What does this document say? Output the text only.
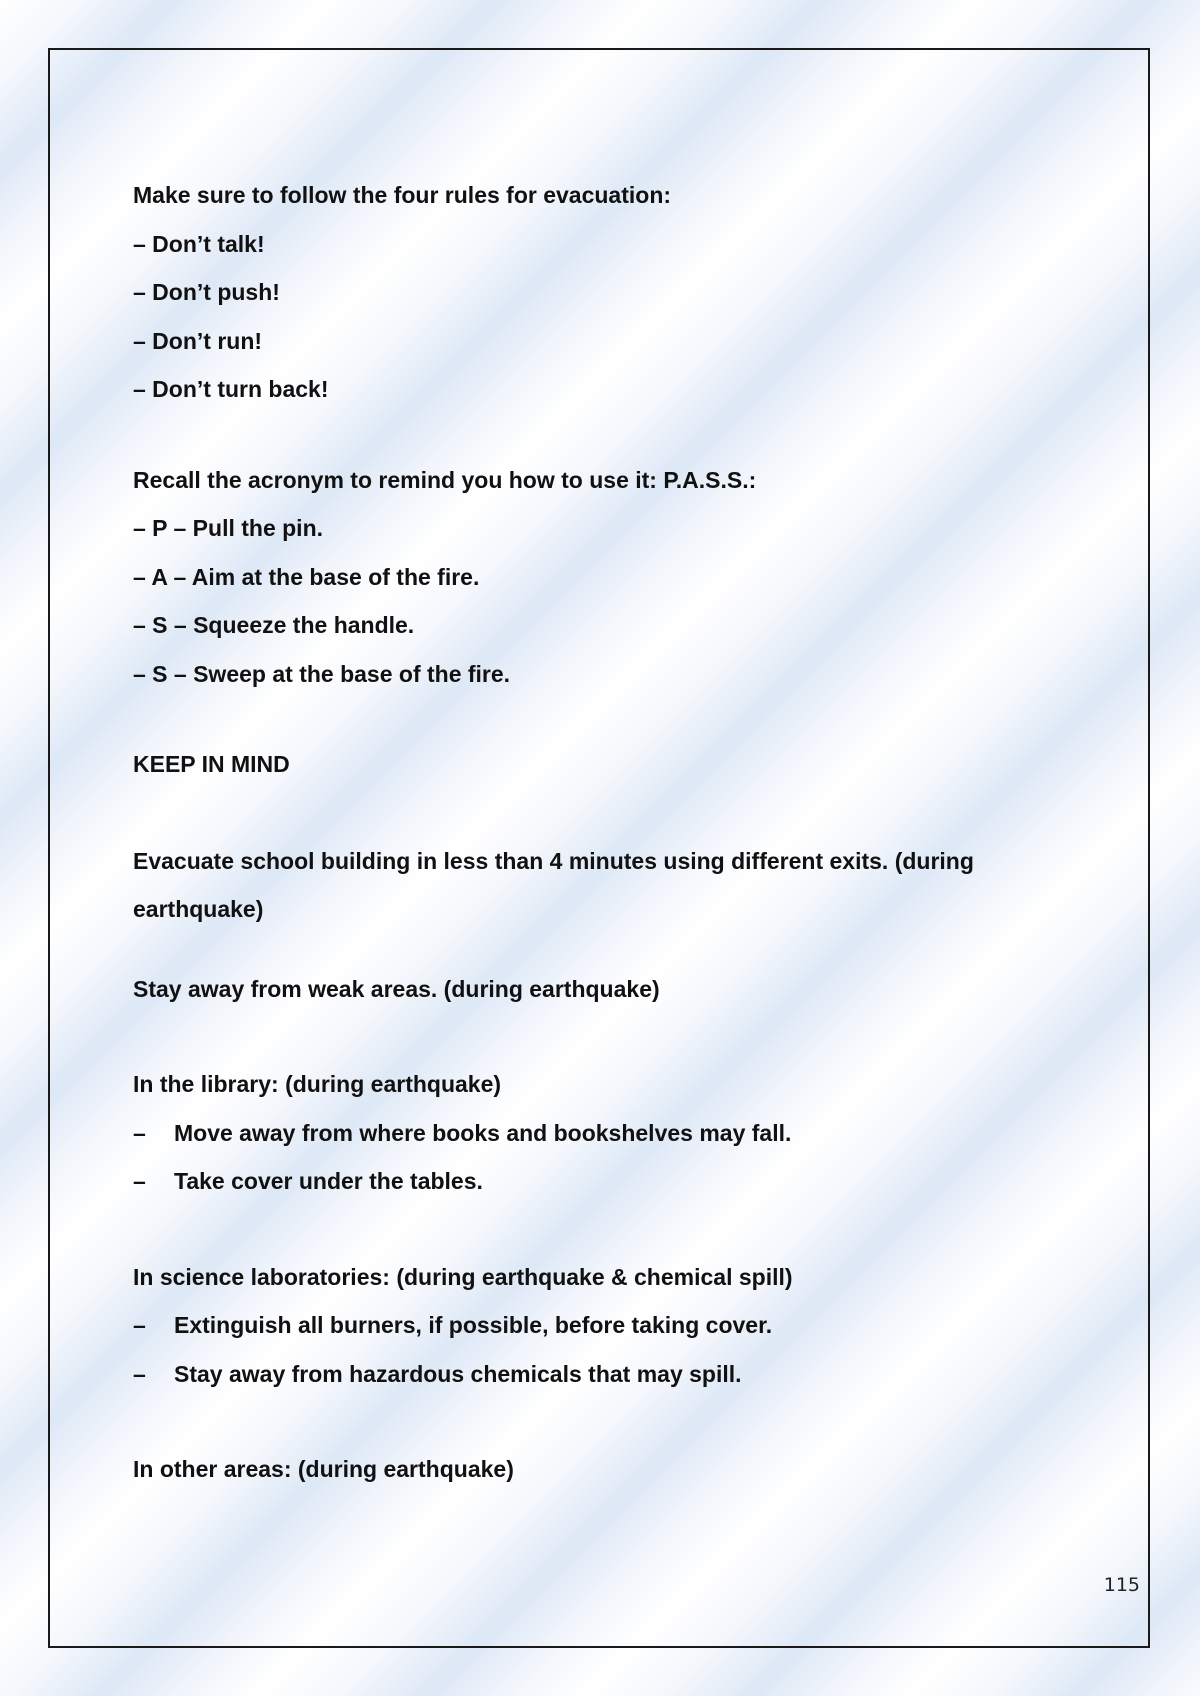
Make sure to follow the four rules for evacuation:
– Don’t talk!
– Don’t push!
– Don’t run!
– Don’t turn back!
Recall the acronym to remind you how to use it: P.A.S.S.:
– P – Pull the pin.
– A – Aim at the base of the fire.
– S – Squeeze the handle.
– S – Sweep at the base of the fire.
KEEP IN MIND
Evacuate school building in less than 4 minutes using different exits. (during earthquake)
Stay away from weak areas. (during earthquake)
In the library: (during earthquake)
–	Move away from where books and bookshelves may fall.
–	Take cover under the tables.
In science laboratories: (during earthquake & chemical spill)
–	Extinguish all burners, if possible, before taking cover.
–	Stay away from hazardous chemicals that may spill.
In other areas: (during earthquake)
115
